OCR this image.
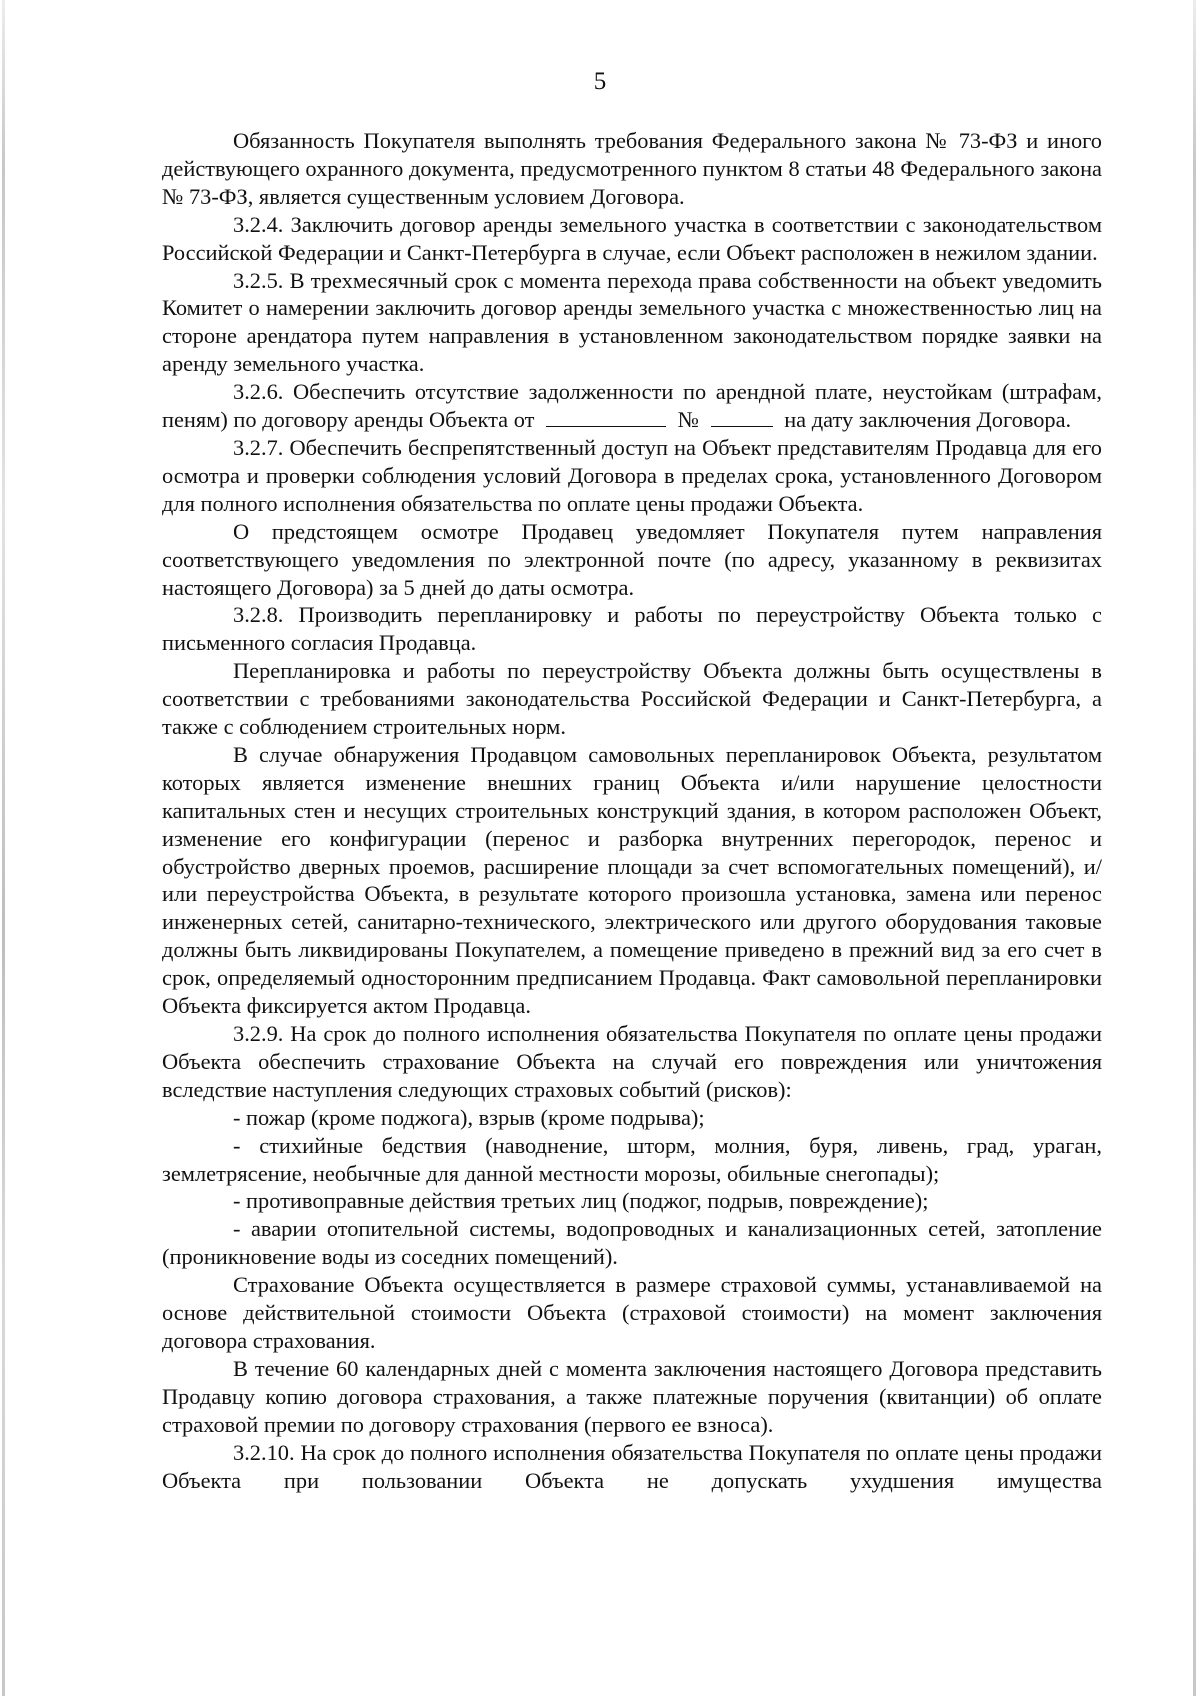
5

Обязанность Покупателя выполнять требования Федерального закона № 73-ФЗ и иного действующего охранного документа, предусмотренного пунктом 8 статьи 48 Федерального закона № 73-ФЗ, является существенным условием Договора.

3.2.4. Заключить договор аренды земельного участка в соответствии с законодательством Российской Федерации и Санкт-Петербурга в случае, если Объект расположен в нежилом здании.

3.2.5. В трехмесячный срок с момента перехода права собственности на объект уведомить Комитет о намерении заключить договор аренды земельного участка с множественностью лиц на стороне арендатора путем направления в установленном законодательством порядке заявки на аренду земельного участка.

3.2.6. Обеспечить отсутствие задолженности по арендной плате, неустойкам (штрафам, пеням) по договору аренды Объекта от	№	на дату заключения Договора.

3.2.7. Обеспечить беспрепятственный доступ на Объект представителям Продавца для его осмотра и проверки соблюдения условий Договора в пределах срока, установленного Договором для полного исполнения обязательства по оплате цены продажи Объекта.

О предстоящем осмотре Продавец уведомляет Покупателя путем направления соответствующего уведомления по электронной почте (по адресу, указанному в реквизитах настоящего Договора) за 5 дней до даты осмотра.

3.2.8. Производить перепланировку и работы по переустройству Объекта только с письменного согласия Продавца.

Перепланировка и работы по переустройству Объекта должны быть осуществлены в соответствии с требованиями законодательства Российской Федерации и Санкт-Петербурга, а также с соблюдением строительных норм.

В случае обнаружения Продавцом самовольных перепланировок Объекта, результатом которых является изменение внешних границ Объекта и/или нарушение целостности капитальных стен и несущих строительных конструкций здания, в котором расположен Объект, изменение его конфигурации (перенос и разборка внутренних перегородок, перенос и обустройство дверных проемов, расширение площади за счет вспомогательных помещений), и/или переустройства Объекта, в результате которого произошла установка, замена или перенос инженерных сетей, санитарно-технического, электрического или другого оборудования таковые должны быть ликвидированы Покупателем, а помещение приведено в прежний вид за его счет в срок, определяемый односторонним предписанием Продавца. Факт самовольной перепланировки Объекта фиксируется актом Продавца.

3.2.9. На срок до полного исполнения обязательства Покупателя по оплате цены продажи Объекта обеспечить страхование Объекта на случай его повреждения или уничтожения вследствие наступления следующих страховых событий (рисков):

- пожар (кроме поджога), взрыв (кроме подрыва);

- стихийные бедствия (наводнение, шторм, молния, буря, ливень, град, ураган, землетрясение, необычные для данной местности морозы, обильные снегопады);

- противоправные действия третьих лиц (поджог, подрыв, повреждение);

- аварии отопительной системы, водопроводных и канализационных сетей, затопление (проникновение воды из соседних помещений).

Страхование Объекта осуществляется в размере страховой суммы, устанавливаемой на основе действительной стоимости Объекта (страховой стоимости) на момент заключения договора страхования.

В течение 60 календарных дней с момента заключения настоящего Договора представить Продавцу копию договора страхования, а также платежные поручения (квитанции) об оплате страховой премии по договору страхования (первого ее взноса).

3.2.10. На срок до полного исполнения обязательства Покупателя по оплате цены продажи Объекта при пользовании Объекта не допускать ухудшения имущества
